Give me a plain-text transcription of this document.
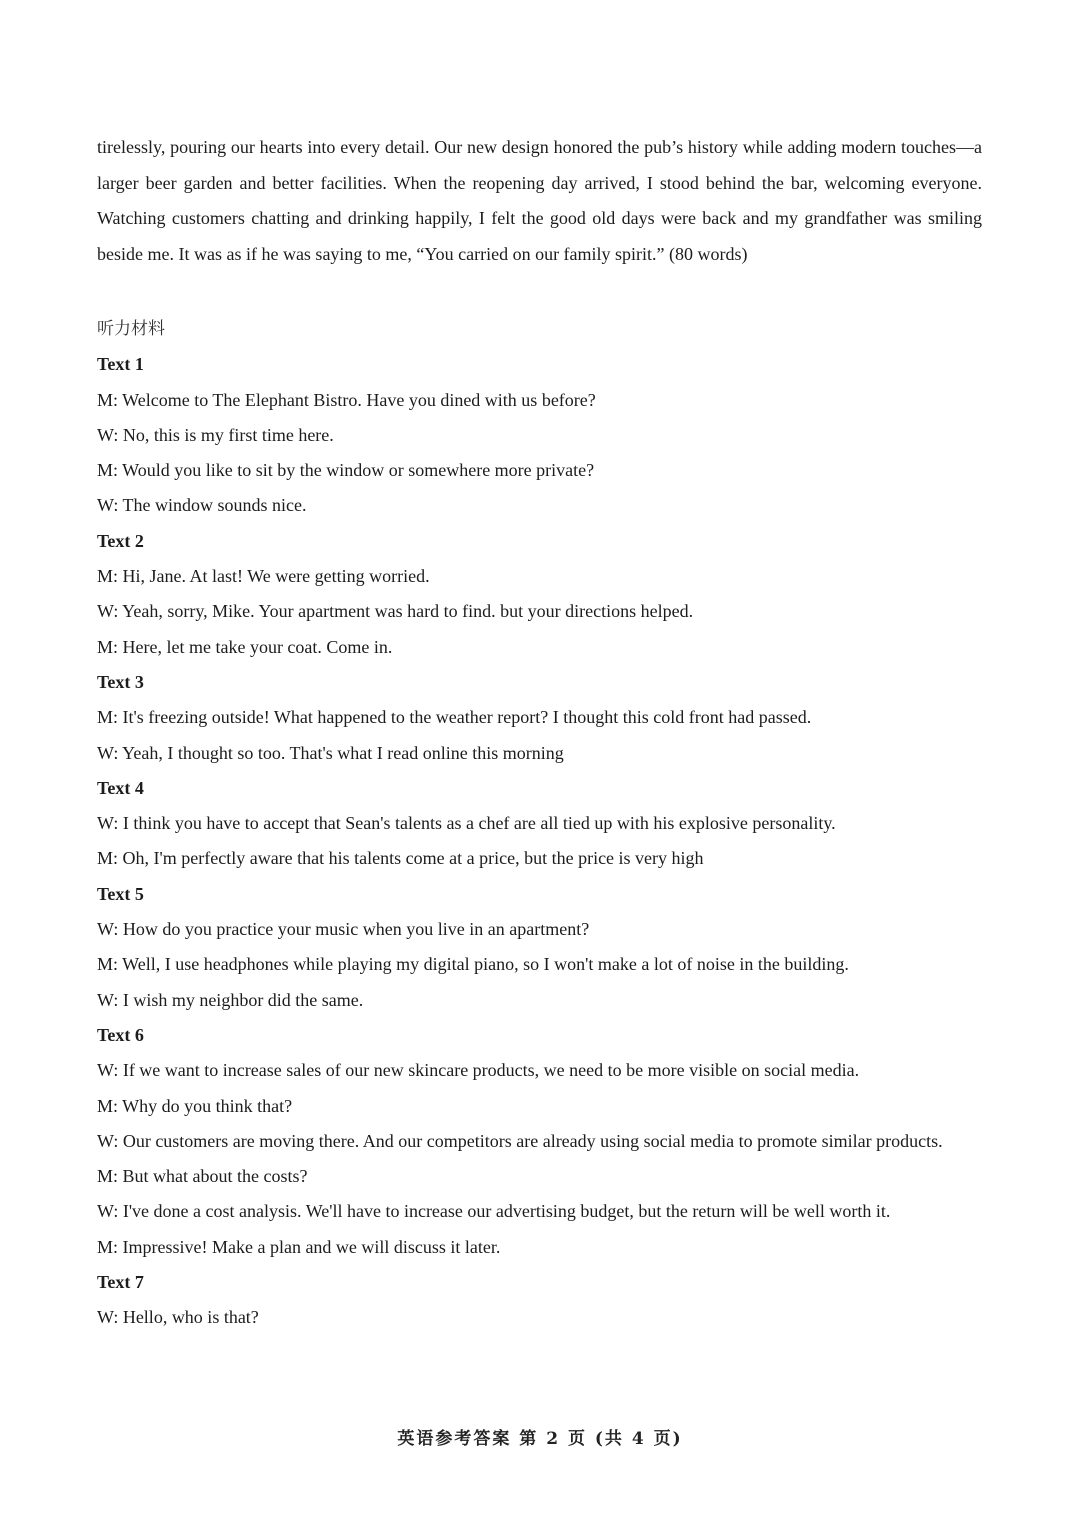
tirelessly, pouring our hearts into every detail. Our new design honored the pub’s history while adding modern touches—a larger beer garden and better facilities. When the reopening day arrived, I stood behind the bar, welcoming everyone. Watching customers chatting and drinking happily, I felt the good old days were back and my grandfather was smiling beside me. It was as if he was saying to me, “You carried on our family spirit.” (80 words)

听力材料
Text 1
M: Welcome to The Elephant Bistro. Have you dined with us before?
W: No, this is my first time here.
M: Would you like to sit by the window or somewhere more private?
W: The window sounds nice.
Text 2
M: Hi, Jane. At last! We were getting worried.
W: Yeah, sorry, Mike. Your apartment was hard to find. but your directions helped.
M: Here, let me take your coat. Come in.
Text 3
M: It's freezing outside! What happened to the weather report? I thought this cold front had passed.
W: Yeah, I thought so too. That's what I read online this morning
Text 4
W: I think you have to accept that Sean's talents as a chef are all tied up with his explosive personality.
M: Oh, I'm perfectly aware that his talents come at a price, but the price is very high
Text 5
W: How do you practice your music when you live in an apartment?
M: Well, I use headphones while playing my digital piano, so I won't make a lot of noise in the building.
W: I wish my neighbor did the same.
Text 6
W: If we want to increase sales of our new skincare products, we need to be more visible on social media.
M: Why do you think that?
W: Our customers are moving there. And our competitors are already using social media to promote similar products.
M: But what about the costs?
W: I've done a cost analysis. We'll have to increase our advertising budget, but the return will be well worth it.
M: Impressive! Make a plan and we will discuss it later.
Text 7
W: Hello, who is that?
英语参考答案 第 2 页 (共 4 页)
